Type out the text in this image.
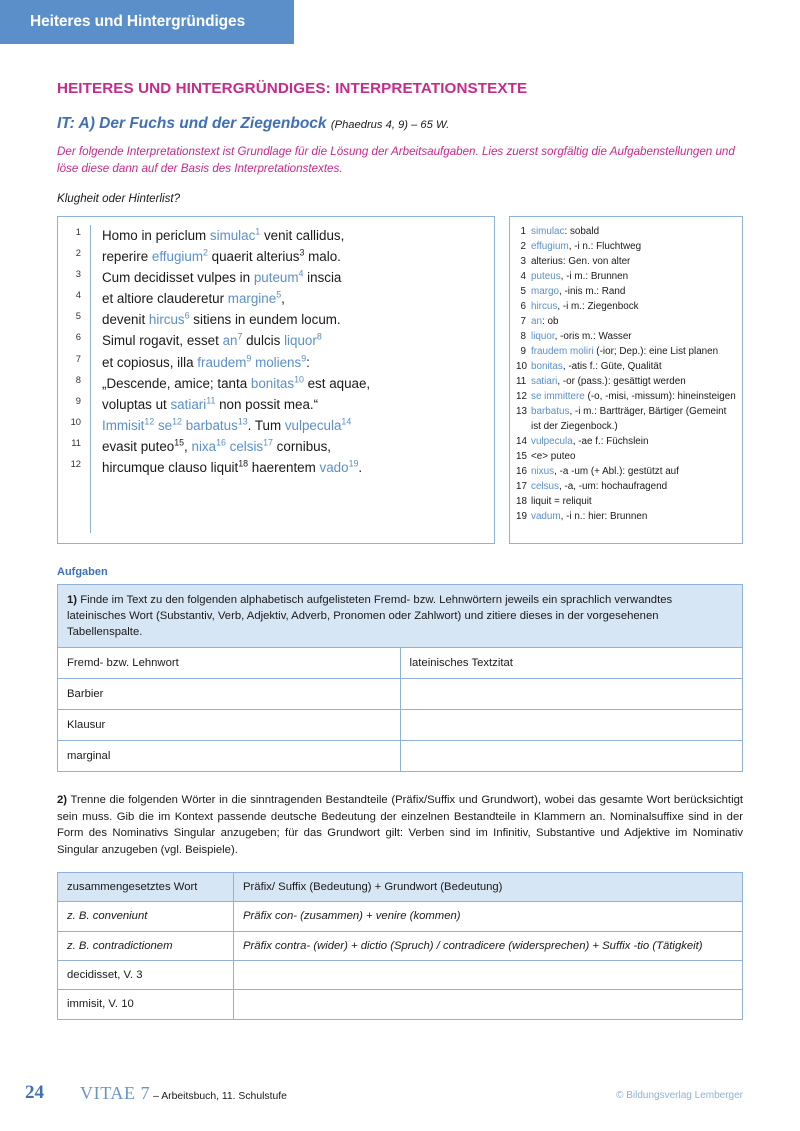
Heiteres und Hintergründiges
HEITERES UND HINTERGRÜNDIGES: INTERPRETATIONSTEXTE
IT: A) Der Fuchs und der Ziegenbock (Phaedrus 4, 9) – 65 W.
Der folgende Interpretationstext ist Grundlage für die Lösung der Arbeitsaufgaben. Lies zuerst sorgfältig die Aufgabenstellungen und löse diese dann auf der Basis des Interpretationstextes.
Klugheit oder Hinterlist?
1	Homo in periclum simulac$^1$ venit callidus,
2	reperire effugium$^2$ quaerit alterius$^3$ malo.
3	Cum decidisset vulpes in puteum$^4$ inscia
4	et altiore clauderetur margine$^5$,
5	devenit hircus$^6$ sitiens in eundem locum.
6	Simul rogavit, esset $an^7$ dulcis liquor$^8$
7	et copiosus, illa fraudem$^9$ moliens$^9$:
8	„Descende, amice; tanta bonitas$^{10}$ est aquae,
9	voluptas ut satiari$^{11}$ non possit mea.“
10	Immisit$^{12}$ $se^{12}$ barbatus$^{13}$. Tum vulpecula$^{14}$
11	evasit puteo$^{15}$, nixa$^{16}$ celsis$^{17}$ cornibus,
12	hircumque clauso liquit$^{18}$ haerentem vado$^{19}$.
1 simulac: sobald
2 effugium, -i n.: Fluchtweg
3 alterius: Gen. von alter
4 puteus, -i m.: Brunnen
5 margo, -inis m.: Rand
6 hircus, -i m.: Ziegenbock
7 an: ob
8 liquor, -oris m.: Wasser
9 fraudem moliri (-ior; Dep.): eine List planen
10 bonitas, -atis f.: Güte, Qualität
11 satiari, -or (pass.): gesättigt werden
12 se immittere (-o, -misi, -missum): hineinsteigen
13 barbatus, -i m.: Bartträger, Bärtiger (Gemeint ist der Ziegenbock.)
14 vulpecula, -ae f.: Füchslein
15 <e> puteo
16 nixus, -a -um (+ Abl.): gestützt auf
17 celsus, -a, -um: hochaufragend
18 liquit = reliquit
19 vadum, -i n.: hier: Brunnen
Aufgaben
1) Finde im Text zu den folgenden alphabetisch aufgelisteten Fremd- bzw. Lehnwörtern jeweils ein sprachlich verwandtes lateinisches Wort (Substantiv, Verb, Adjektiv, Adverb, Pronomen oder Zahlwort) und zitiere dieses in der vorgesehenen Tabellenspalte.	
Fremd- bzw. Lehnwort	lateinisches Textzitat
Barbier	
Klausur	
marginal	
2) Trenne die folgenden Wörter in die sinntragenden Bestandteile (Präfix/Suffix und Grundwort), wobei das gesamte Wort berücksichtigt sein muss. Gib die im Kontext passende deutsche Bedeutung der einzelnen Bestandteile in Klammern an. Nominalsuffixe sind in der Form des Nominativs Singular anzugeben; für das Grundwort gilt: Verben sind im Infinitiv, Substantive und Adjektive im Nominativ Singular anzugeben (vgl. Beispiele).
zusammengesetztes Wort	Präfix/ Suffix (Bedeutung) + Grundwort (Bedeutung)
z. B. conveniunt	Präfix con- (zusammen) + venire (kommen)
z. B. contradictionem	Präfix contra- (wider) + dictio (Spruch) / contradicere (widersprechen) + Suffix -tio (Tätigkeit)
decidisset, V. 3	
immisit, V. 10	
24 VITAE 7 – Arbeitsbuch, 11. Schulstufe	© Bildungsverlag Lemberger
